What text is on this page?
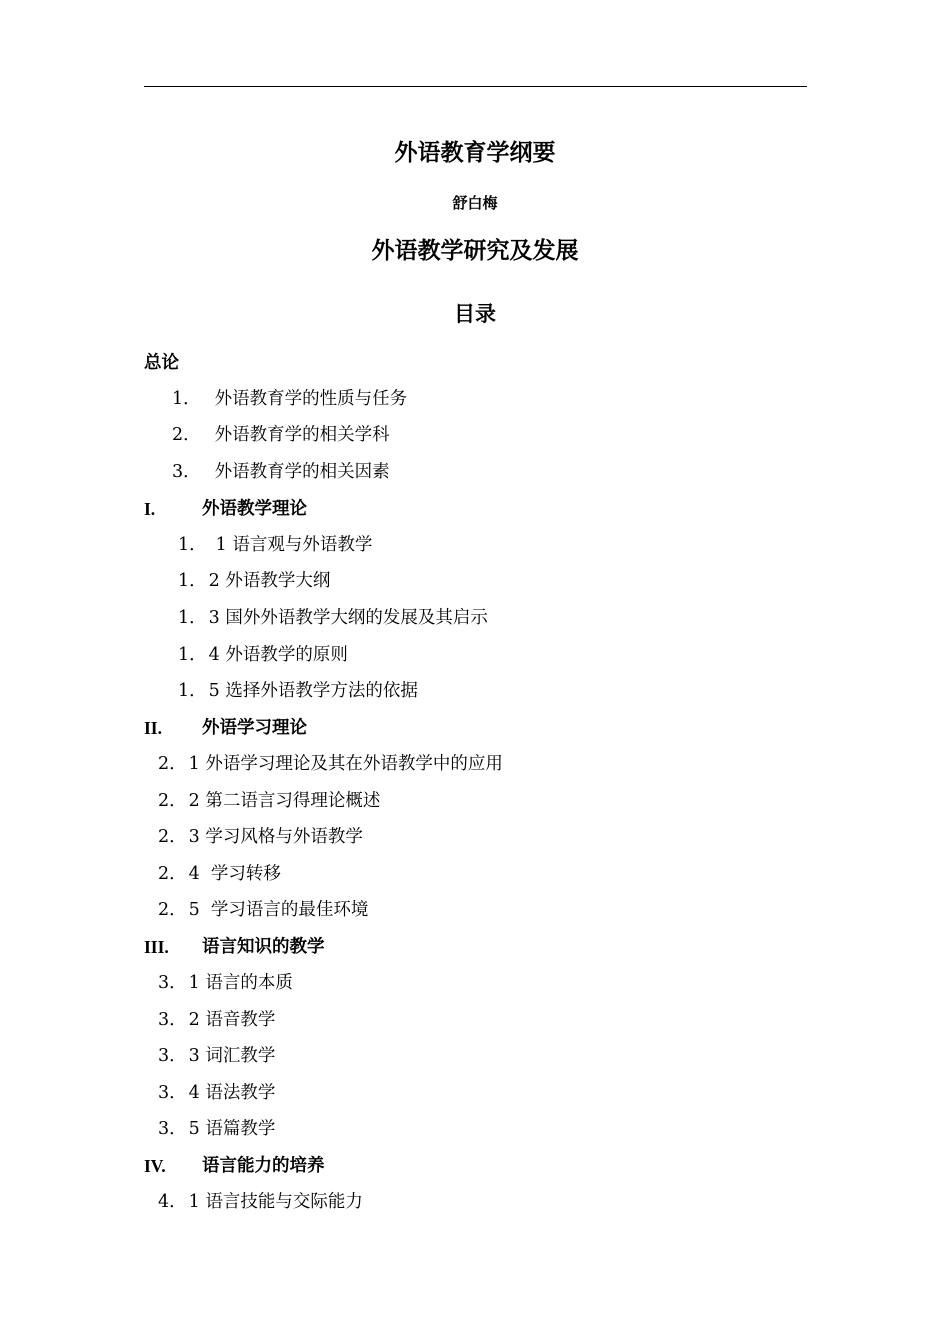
外语教育学纲要
舒白梅
外语教学研究及发展
目录
总论
1． 外语教育学的性质与任务
2． 外语教育学的相关学科
3． 外语教育学的相关因素
I.	外语教学理论
1． 1 语言观与外语教学
1． 2 外语教学大纲
1． 3 国外外语教学大纲的发展及其启示
1． 4 外语教学的原则
1． 5 选择外语教学方法的依据
II. 外语学习理论
2． 1 外语学习理论及其在外语教学中的应用
2． 2 第二语言习得理论概述
2． 3 学习风格与外语教学
2． 4  学习转移
2． 5  学习语言的最佳环境
III. 语言知识的教学
3． 1 语言的本质
3． 2 语音教学
3． 3 词汇教学
3． 4 语法教学
3． 5 语篇教学
IV. 语言能力的培养
4． 1 语言技能与交际能力
